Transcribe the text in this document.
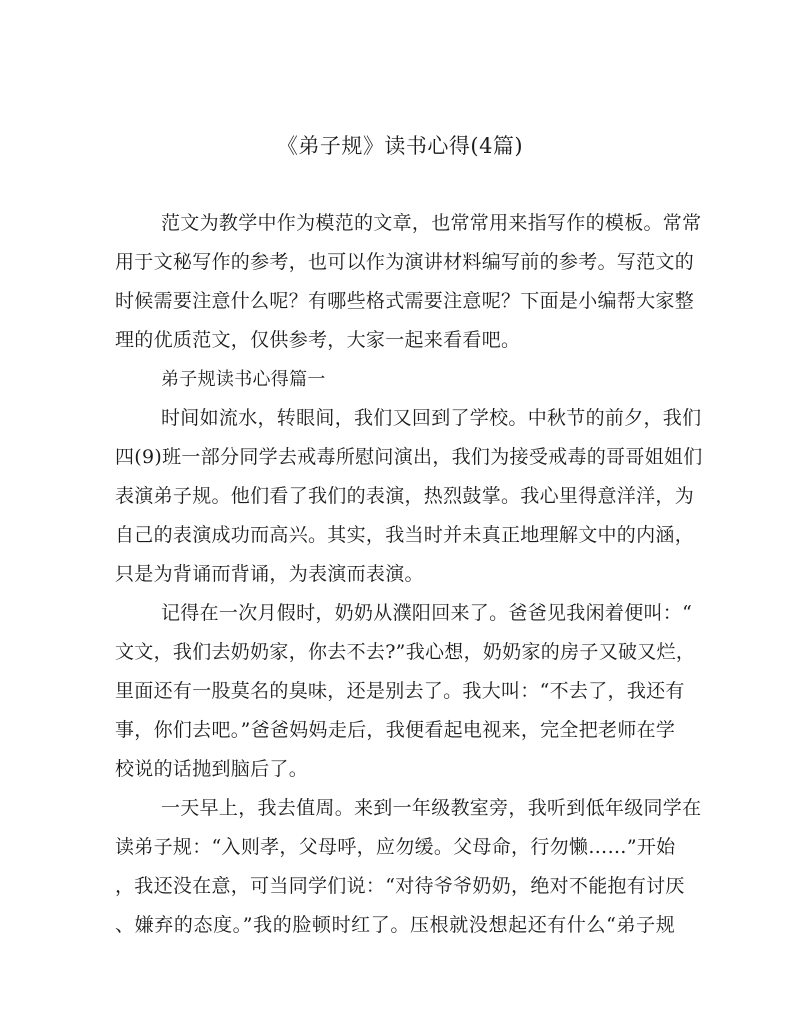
《弟子规》读书心得(4篇)
范文为教学中作为模范的文章，也常常用来指写作的模板。常常
用于文秘写作的参考，也可以作为演讲材料编写前的参考。写范文的
时候需要注意什么呢？有哪些格式需要注意呢？下面是小编帮大家整
理的优质范文，仅供参考，大家一起来看看吧。
弟子规读书心得篇一
时间如流水，转眼间，我们又回到了学校。中秋节的前夕，我们
四(9)班一部分同学去戒毒所慰问演出，我们为接受戒毒的哥哥姐姐们
表演弟子规。他们看了我们的表演，热烈鼓掌。我心里得意洋洋，为
自己的表演成功而高兴。其实，我当时并未真正地理解文中的内涵，
只是为背诵而背诵，为表演而表演。
记得在一次月假时，奶奶从濮阳回来了。爸爸见我闲着便叫：“
文文，我们去奶奶家，你去不去?”我心想，奶奶家的房子又破又烂，
里面还有一股莫名的臭味，还是别去了。我大叫：“不去了，我还有
事，你们去吧。”爸爸妈妈走后，我便看起电视来，完全把老师在学
校说的话抛到脑后了。
一天早上，我去值周。来到一年级教室旁，我听到低年级同学在
读弟子规：“入则孝，父母呼，应勿缓。父母命，行勿懒……”开始
，我还没在意，可当同学们说：“对待爷爷奶奶，绝对不能抱有讨厌
、嫌弃的态度。”我的脸顿时红了。压根就没想起还有什么“弟子规
